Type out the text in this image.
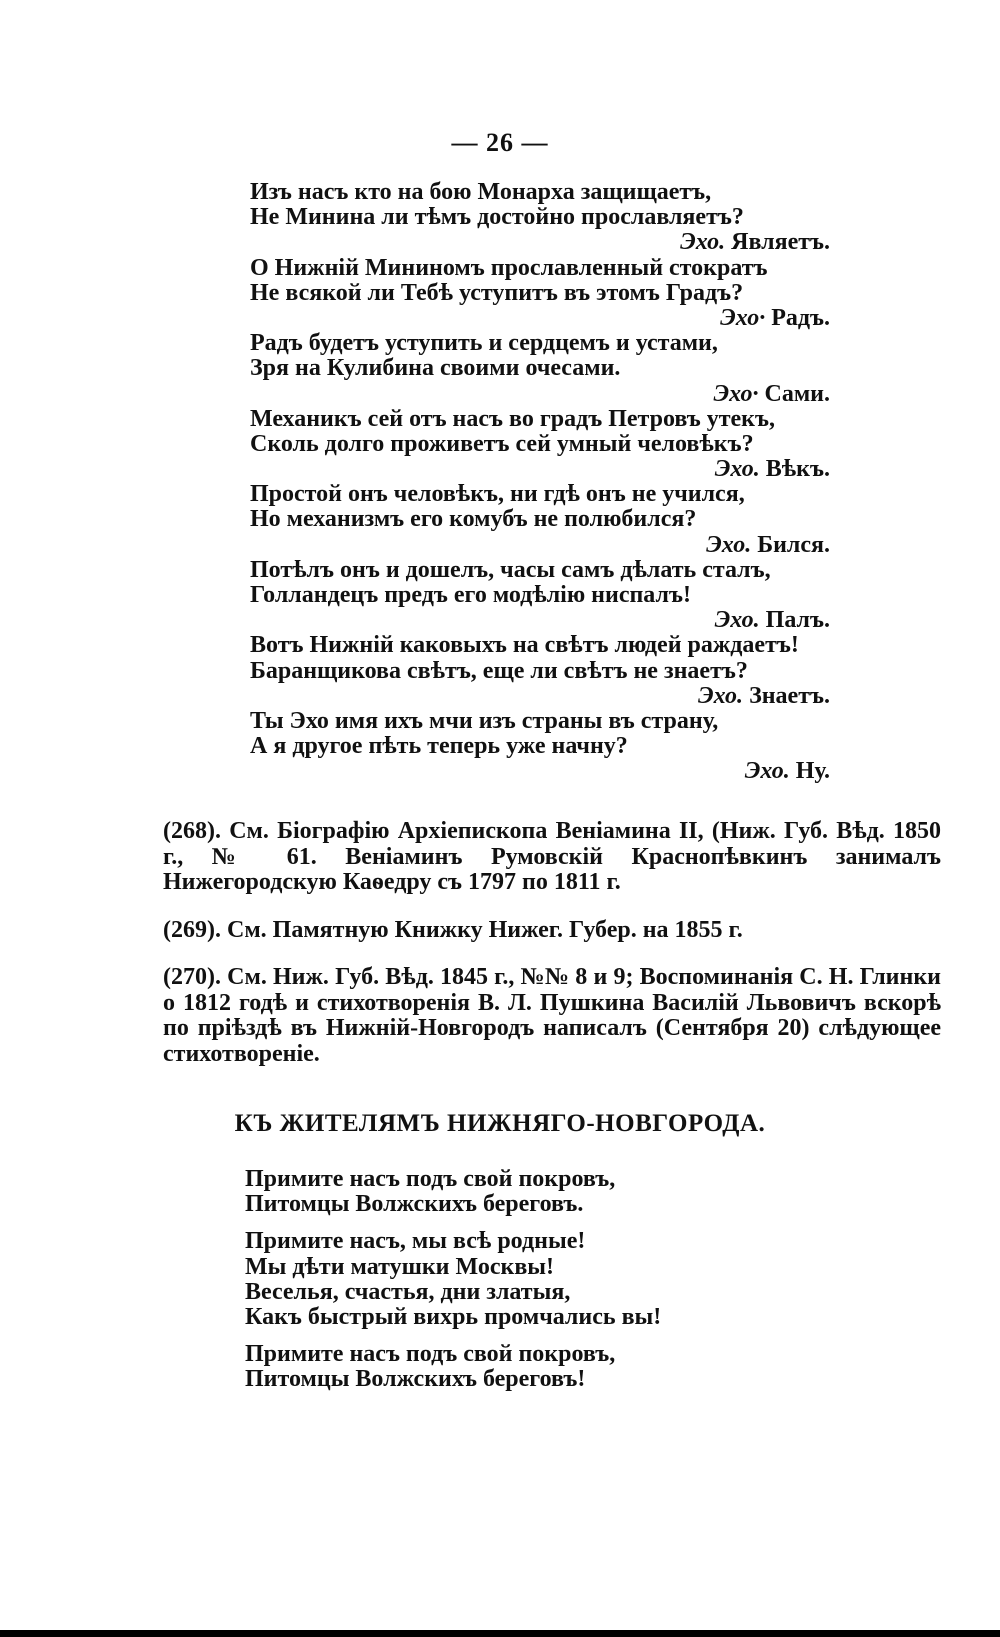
— 26 —
Изъ насъ кто на бою Монарха защищаетъ,
Не Минина ли тѣмъ достойно прославляетъ?
Эхо. Являетъ.
О Нижній Мининомъ прославленный стократъ
Не всякой ли Тебѣ уступитъ въ этомъ Градъ?
Эхо· Радъ.
Радъ будетъ уступить и сердцемъ и устами,
Зря на Кулибина своими очесами.
Эхо· Сами.
Механикъ сей отъ насъ во градъ Петровъ утекъ,
Сколь долго проживетъ сей умный человѣкъ?
Эхо. Вѣкъ.
Простой онъ человѣкъ, ни гдѣ онъ не учился,
Но механизмъ его комубъ не полюбился?
Эхо. Бился.
Потѣлъ онъ и дошелъ, часы самъ дѣлать сталъ,
Голландецъ предъ его модѣлію ниспалъ!
Эхо. Палъ.
Вотъ Нижній каковыхъ на свѣтъ людей раждаетъ!
Баранщикова свѣтъ, еще ли свѣтъ не знаетъ?
Эхо. Знаетъ.
Ты Эхо имя ихъ мчи изъ страны въ страну,
А я другое пѣть теперь уже начну?
Эхо. Ну.

(268). См. Біографію Архіепископа Веніамина II, (Ниж. Губ. Вѣд. 1850 г., № 61. Веніаминъ Румовскій Краснопѣвкинъ занималъ Нижегородскую Каѳедру съ 1797 по 1811 г.

(269). См. Памятную Книжку Нижег. Губер. на 1855 г.

(270). См. Ниж. Губ. Вѣд. 1845 г., №№ 8 и 9; Воспоминанія С. Н. Глинки о 1812 годѣ и стихотворенія В. Л. Пушкина Василій Львовичъ вскорѣ по пріѣздѣ въ Нижній-Новгородъ написалъ (Сентября 20) слѣдующее стихотвореніе.

КЪ ЖИТЕЛЯМЪ НИЖНЯГО-НОВГОРОДА.
Примите насъ подъ свой покровъ,
Питомцы Волжскихъ береговъ.
Примите насъ, мы всѣ родные!
Мы дѣти матушки Москвы!
Веселья, счастья, дни златыя,
Какъ быстрый вихрь промчались вы!
Примите насъ подъ свой покровъ,
Питомцы Волжскихъ береговъ!
